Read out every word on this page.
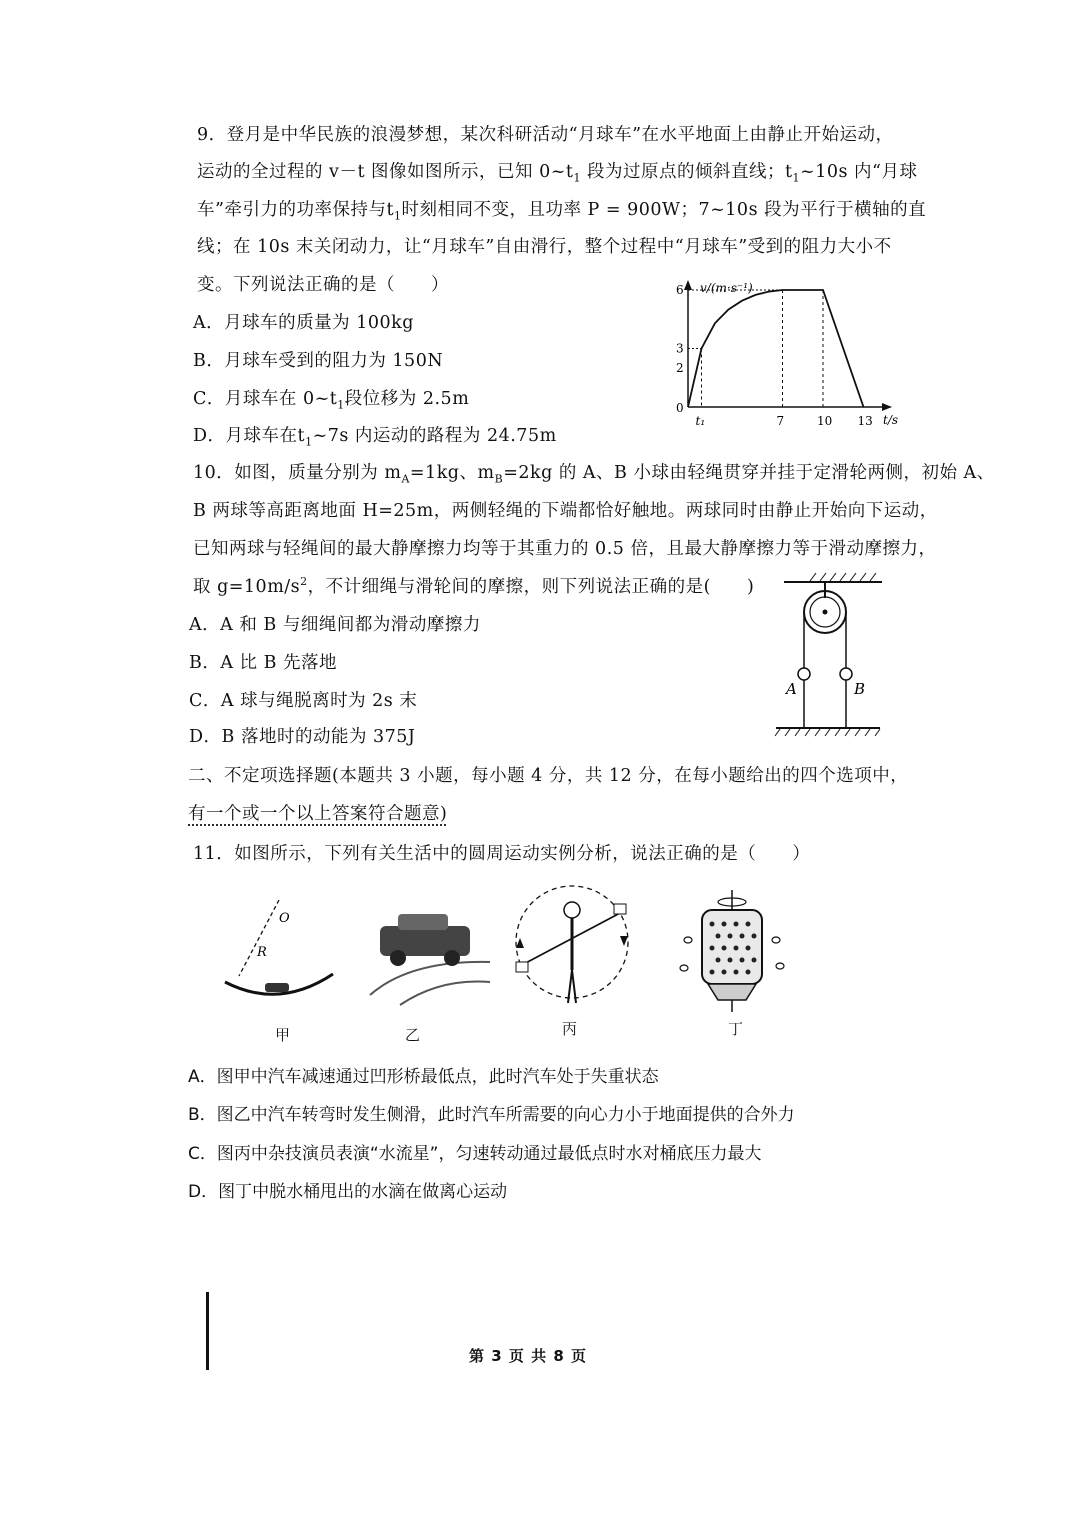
9．登月是中华民族的浪漫梦想，某次科研活动“月球车”在水平地面上由静止开始运动，
运动的全过程的 v－t 图像如图所示，已知 $0\sim t_1$ 段为过原点的倾斜直线；$t_1\sim 10s$ 内“月球
车”牵引力的功率保持与$t_1$时刻相同不变，且功率 P = 900W；7~10s 段为平行于横轴的直
线；在 10s 末关闭动力，让“月球车”自由滑行，整个过程中“月球车”受到的阻力大小不
变。下列说法正确的是（　　）
A．月球车的质量为 100kg
B．月球车受到的阻力为 150N
C．月球车在 $0\sim t_1$段位移为 2.5m
D．月球车在$t_1\sim 7s$ 内运动的路程为 24.75m
v/(m·s⁻¹)
t/s
0
6
3
2
t₁	7	10 13
10．如图，质量分别为 $m_A=1kg$、$m_B=2kg$ 的 A、B 小球由轻绳贯穿并挂于定滑轮两侧，初始 A、
B 两球等高距离地面 H=25m，两侧轻绳的下端都恰好触地。两球同时由静止开始向下运动，
已知两球与轻绳间的最大静摩擦力均等于其重力的 0.5 倍，且最大静摩擦力等于滑动摩擦力，
取 $g=10m/s^2$，不计细绳与滑轮间的摩擦，则下列说法正确的是(　　)
A．A 和 B 与细绳间都为滑动摩擦力
B．A 比 B 先落地
C．A 球与绳脱离时为 2s 末
D．B 落地时的动能为 375J
A	B
二、不定项选择题(本题共 3 小题，每小题 4 分，共 12 分，在每小题给出的四个选项中，
有一个或一个以上答案符合题意)
11．如图所示，下列有关生活中的圆周运动实例分析，说法正确的是（　　）
O
R
甲	乙	丙	丁
A．图甲中汽车减速通过凹形桥最低点，此时汽车处于失重状态
B．图乙中汽车转弯时发生侧滑，此时汽车所需要的向心力小于地面提供的合外力
C．图丙中杂技演员表演“水流星”，匀速转动通过最低点时水对桶底压力最大
D．图丁中脱水桶甩出的水滴在做离心运动
第 3 页 共 8 页
